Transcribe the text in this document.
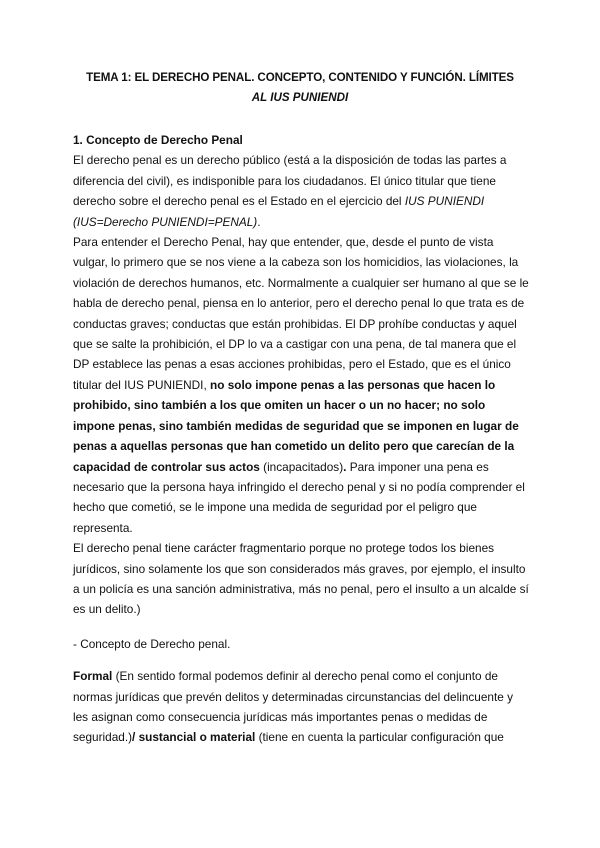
TEMA 1: EL DERECHO PENAL. CONCEPTO, CONTENIDO Y FUNCIÓN. LÍMITES
AL IUS PUNIENDI
1. Concepto de Derecho Penal

El derecho penal es un derecho público (está a la disposición de todas las partes a diferencia del civil), es indisponible para los ciudadanos. El único titular que tiene derecho sobre el derecho penal es el Estado en el ejercicio del IUS PUNIENDI (IUS=Derecho PUNIENDI=PENAL).

Para entender el Derecho Penal, hay que entender, que, desde el punto de vista vulgar, lo primero que se nos viene a la cabeza son los homicidios, las violaciones, la violación de derechos humanos, etc. Normalmente a cualquier ser humano al que se le habla de derecho penal, piensa en lo anterior, pero el derecho penal lo que trata es de conductas graves; conductas que están prohibidas. El DP prohíbe conductas y aquel que se salte la prohibición, el DP lo va a castigar con una pena, de tal manera que el DP establece las penas a esas acciones prohibidas, pero el Estado, que es el único titular del IUS PUNIENDI, no solo impone penas a las personas que hacen lo prohibido, sino también a los que omiten un hacer o un no hacer; no solo impone penas, sino también medidas de seguridad que se imponen en lugar de penas a aquellas personas que han cometido un delito pero que carecían de la capacidad de controlar sus actos (incapacitados). Para imponer una pena es necesario que la persona haya infringido el derecho penal y si no podía comprender el hecho que cometió, se le impone una medida de seguridad por el peligro que representa.

El derecho penal tiene carácter fragmentario porque no protege todos los bienes jurídicos, sino solamente los que son considerados más graves, por ejemplo, el insulto a un policía es una sanción administrativa, más no penal, pero el insulto a un alcalde sí es un delito.)

- Concepto de Derecho penal.

Formal (En sentido formal podemos definir al derecho penal como el conjunto de normas jurídicas que prevén delitos y determinadas circunstancias del delincuente y les asignan como consecuencia jurídicas más importantes penas o medidas de seguridad.)/ sustancial o material (tiene en cuenta la particular configuración que
